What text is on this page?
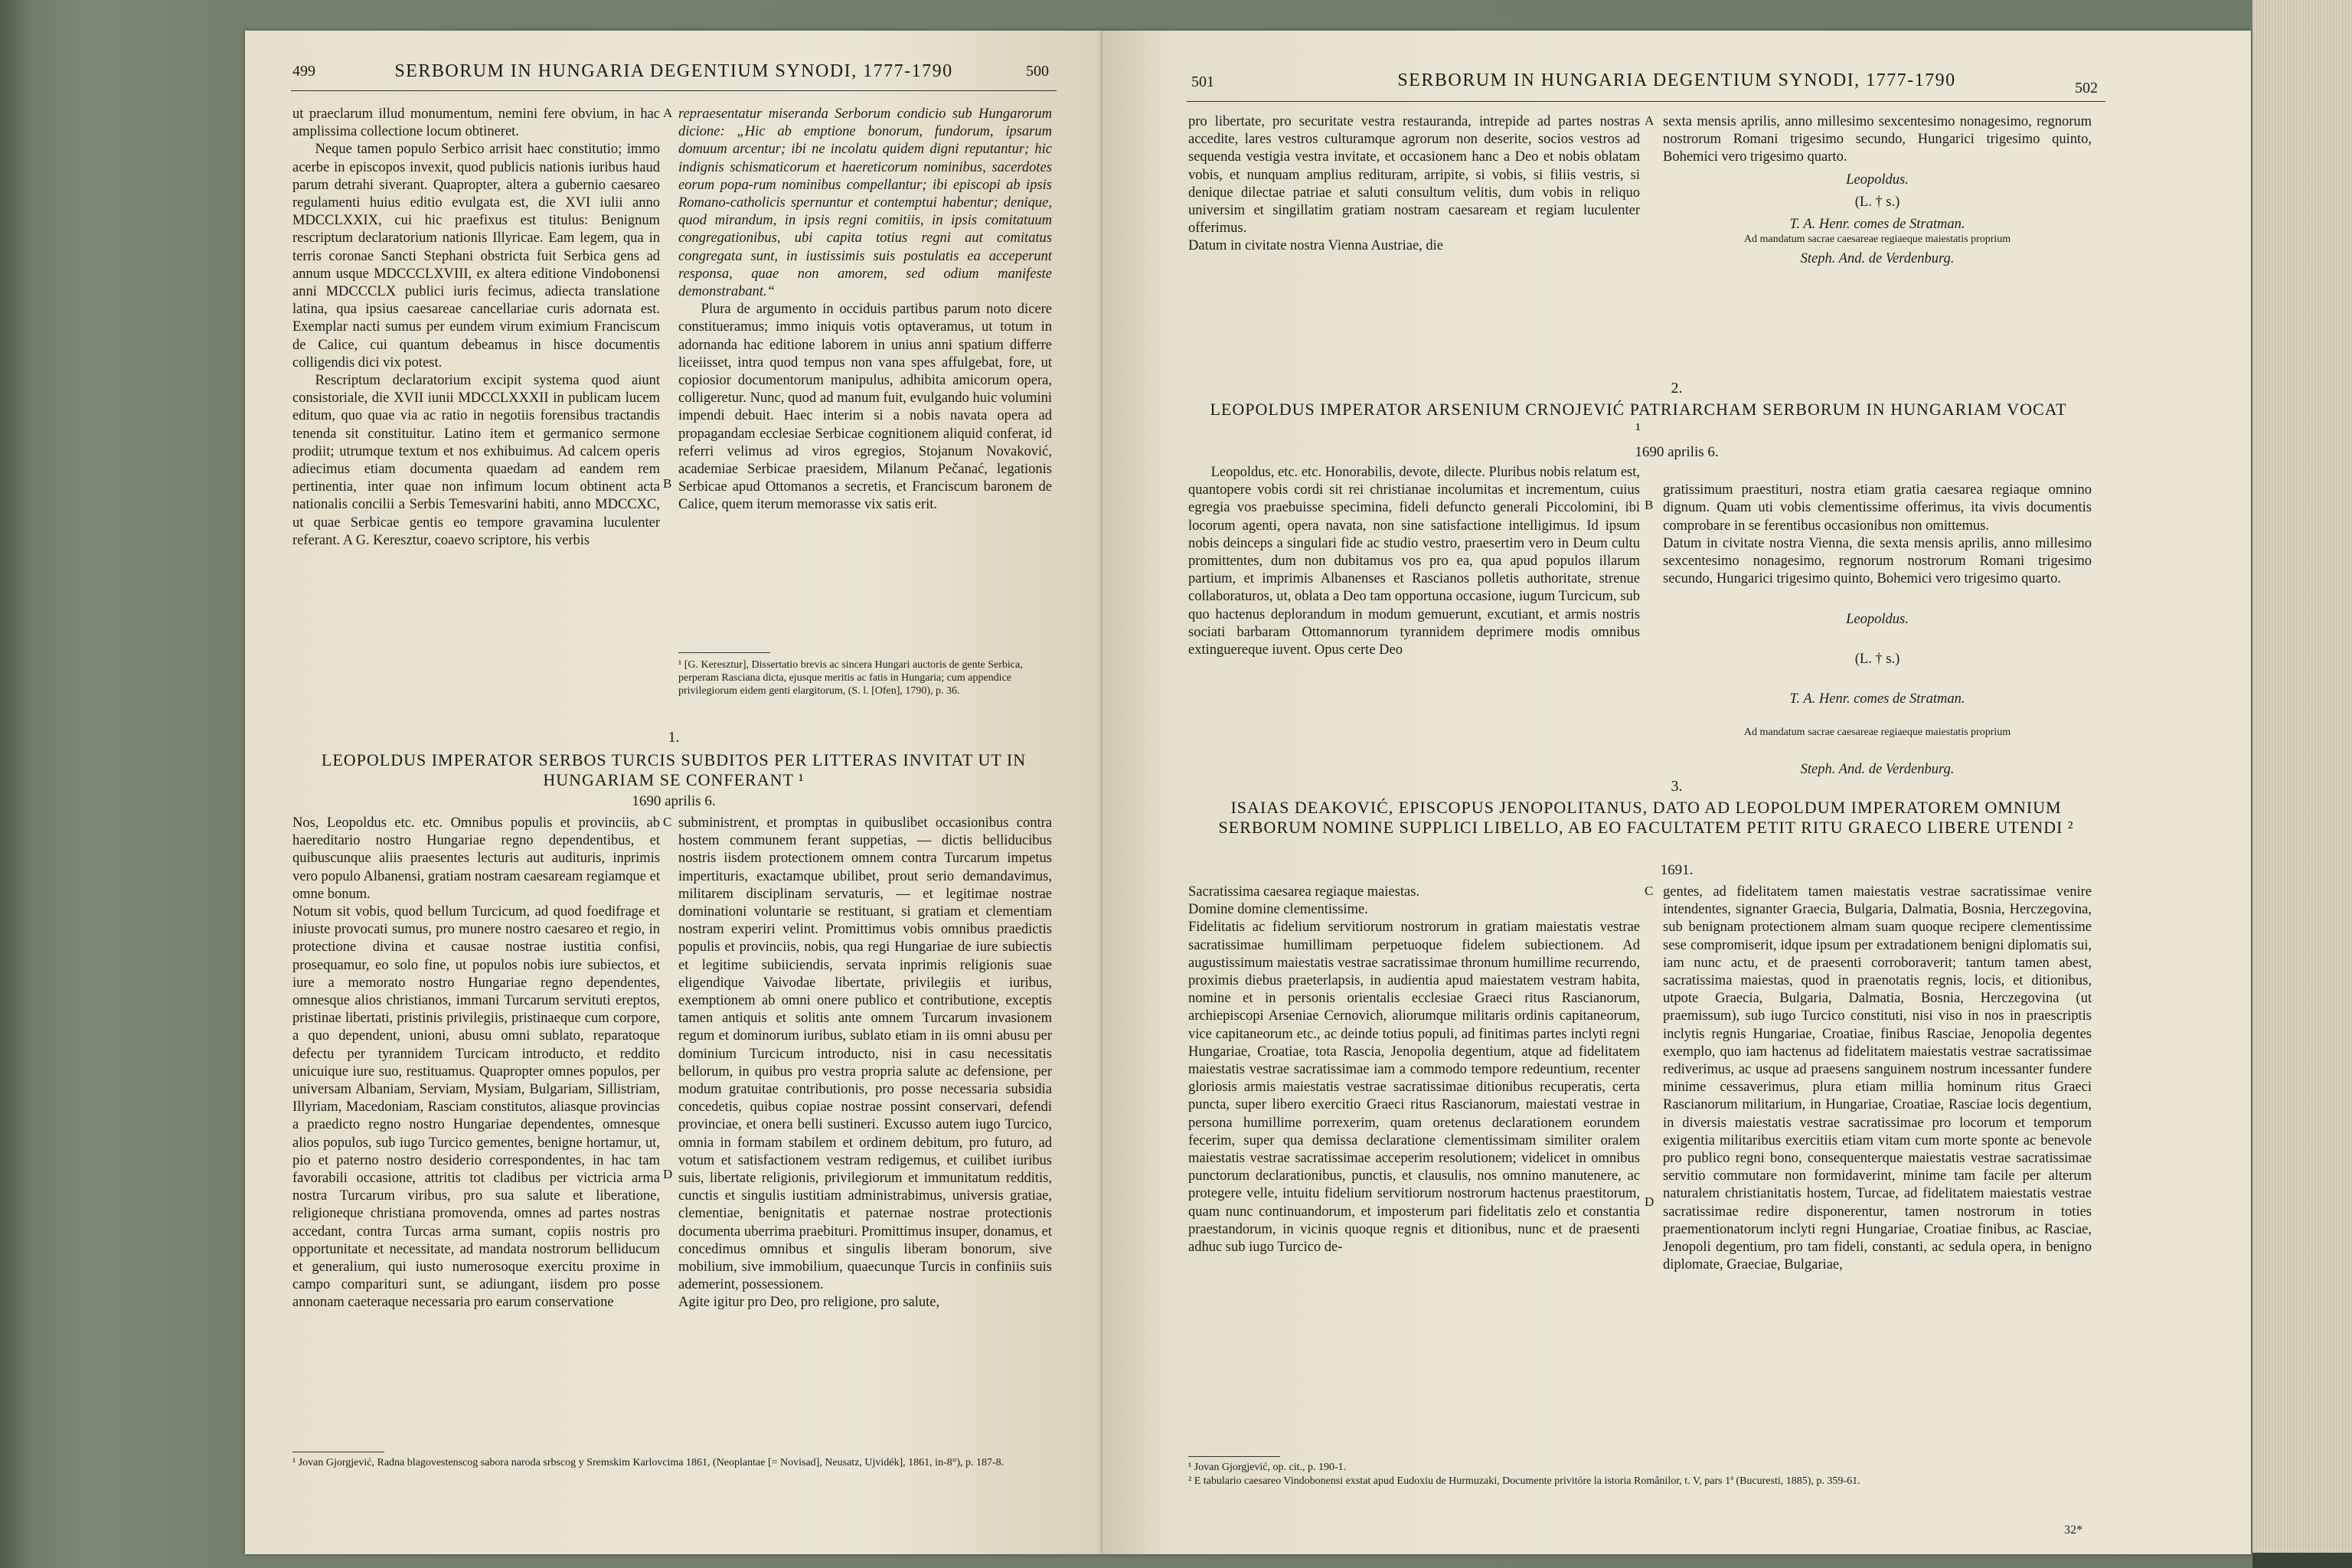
499	SERBORUM IN HUNGARIA DEGENTIUM SYNODI, 1777-1790	500

ut praeclarum illud monumentum, nemini fere obvium, in hac amplissima collectione locum obtineret.

Neque tamen populo Serbico arrisit haec constitutio; immo acerbe in episcopos invexit, quod publicis nationis iuribus haud parum detrahi siverant. Quapropter, altera a gubernio caesareo regulamenti huius editio evulgata est, die XVI iulii anno MDCCLXXIX, cui hic praefixus est titulus: Benignum rescriptum declaratorium nationis Illyricae. Eam legem, qua in terris coronae Sancti Stephani obstricta fuit Serbica gens ad annum usque MDCCCLXVIII, ex altera editione Vindobonensi anni MDCCCLX publici iuris fecimus, adiecta translatione latina, qua ipsius caesareae cancellariae curis adornata est. Exemplar nacti sumus per eundem virum eximium Franciscum de Calice, cui quantum debeamus in hisce documentis colligendis dici vix potest.

Rescriptum declaratorium excipit systema quod aiunt consistoriale, die XVII iunii MDCCLXXXII in publicam lucem editum, quo quae via ac ratio in negotiis forensibus tractandis tenenda sit constituitur. Latino item et germanico sermone prodiit; utrumque textum et nos exhibuimus. Ad calcem operis adiecimus etiam documenta quaedam ad eandem rem pertinentia, inter quae non infimum locum obtinent acta nationalis concilii a Serbis Temesvarini habiti, anno MDCCXC, ut quae Serbicae gentis eo tempore gravamina luculenter referant. A G. Keresztur, coaevo scriptore, his verbis

A
B

repraesentatur miseranda Serborum condicio sub Hungarorum dicione: „Hic ab emptione bonorum, fundorum, ipsarum domuum arcentur; ibi ne incolatu quidem digni reputantur; hic indignis schismaticorum et haereticorum nominibus, sacerdotes eorum popa-rum nominibus compellantur; ibi episcopi ab ipsis Romano-catholicis spernuntur et contemptui habentur; denique, quod mirandum, in ipsis regni comitiis, in ipsis comitatuum congregationibus, ubi capita totius regni aut comitatus congregata sunt, in iustissimis suis postulatis ea acceperunt responsa, quae non amorem, sed odium manifeste demonstrabant.“

Plura de argumento in occiduis partibus parum noto dicere constitueramus; immo iniquis votis optaveramus, ut totum in adornanda hac editione laborem in unius anni spatium differre liceiisset, intra quod tempus non vana spes affulgebat, fore, ut copiosior documentorum manipulus, adhibita amicorum opera, colligeretur. Nunc, quod ad manum fuit, evulgando huic volumini impendi debuit. Haec interim si a nobis navata opera ad propagandam ecclesiae Serbicae cognitionem aliquid conferat, id referri velimus ad viros egregios, Stojanum Novaković, academiae Serbicae praesidem, Milanum Pečanać, legationis Serbicae apud Ottomanos a secretis, et Franciscum baronem de Calice, quem iterum memorasse vix satis erit.

¹ [G. Keresztur], Dissertatio brevis ac sincera Hungari auctoris de gente Serbica, perperam Rasciana dicta, ejusque meritis ac fatis in Hungaria; cum appendice privilegiorum eidem genti elargitorum, (S. l. [Ofen], 1790), p. 36.
1.
LEOPOLDUS IMPERATOR SERBOS TURCIS SUBDITOS PER LITTERAS INVITAT UT IN HUNGARIAM SE CONFERANT ¹
1690 aprilis 6.
Nos, Leopoldus etc. etc. Omnibus populis et provinciis, ab haereditario nostro Hungariae regno dependentibus, et quibuscunque aliis praesentes lecturis aut audituris, inprimis vero populo Albanensi, gratiam nostram caesaream regiamque et omne bonum.
Notum sit vobis, quod bellum Turcicum, ad quod foedifrage et iniuste provocati sumus, pro munere nostro caesareo et regio, in protectione divina et causae nostrae iustitia confisi, prosequamur, eo solo fine, ut populos nobis iure subiectos, et iure a memorato nostro Hungariae regno dependentes, omnesque alios christianos, immani Turcarum servituti ereptos, pristinae libertati, pristinis privilegiis, pristinaeque cum corpore, a quo dependent, unioni, abusu omni sublato, reparatoque defectu per tyrannidem Turcicam introducto, et reddito unicuique iure suo, restituamus. Quapropter omnes populos, per universam Albaniam, Serviam, Mysiam, Bulgariam, Sillistriam, Illyriam, Macedoniam, Rasciam constitutos, aliasque provincias a praedicto regno nostro Hungariae dependentes, omnesque alios populos, sub iugo Turcico gementes, benigne hortamur, ut, pio et paterno nostro desiderio correspondentes, in hac tam favorabili occasione, attritis tot cladibus per victricia arma nostra Turcarum viribus, pro sua salute et liberatione, religioneque christiana promovenda, omnes ad partes nostras accedant, contra Turcas arma sumant, copiis nostris pro opportunitate et necessitate, ad mandata nostrorum belliducum et generalium, qui iusto numerosoque exercitu proxime in campo comparituri sunt, se adiungant, iisdem pro posse annonam caeteraque necessaria pro earum conservatione
C
D
subministrent, et promptas in quibuslibet occasionibus contra hostem communem ferant suppetias, — dictis belliducibus nostris iisdem protectionem omnem contra Turcarum impetus impertituris, exactamque ubilibet, prout serio demandavimus, militarem disciplinam servaturis, — et legitimae nostrae dominationi voluntarie se restituant, si gratiam et clementiam nostram experiri velint. Promittimus vobis omnibus praedictis populis et provinciis, nobis, qua regi Hungariae de iure subiectis et legitime subiiciendis, servata inprimis religionis suae eligendique Vaivodae libertate, privilegiis et iuribus, exemptionem ab omni onere publico et contributione, exceptis tamen antiquis et solitis ante omnem Turcarum invasionem regum et dominorum iuribus, sublato etiam in iis omni abusu per dominium Turcicum introducto, nisi in casu necessitatis bellorum, in quibus pro vestra propria salute ac defensione, per modum gratuitae contributionis, pro posse necessaria subsidia concedetis, quibus copiae nostrae possint conservari, defendi provinciae, et onera belli sustineri. Excusso autem iugo Turcico, omnia in formam stabilem et ordinem debitum, pro futuro, ad votum et satisfactionem vestram redigemus, et cuilibet iuribus suis, libertate religionis, privilegiorum et immunitatum redditis, cunctis et singulis iustitiam administrabimus, universis gratiae, clementiae, benignitatis et paternae nostrae protectionis documenta uberrima praebituri. Promittimus insuper, donamus, et concedimus omnibus et singulis liberam bonorum, sive mobilium, sive immobilium, quaecunque Turcis in confiniis suis ademerint, possessionem.
Agite igitur pro Deo, pro religione, pro salute,
¹ Jovan Gjorgjević, Radna blagovestenscog sabora naroda srbscog y Sremskim Karlovcima 1861, (Neoplantae [= Novisad], Neusatz, Ujvidék], 1861, in-8°), p. 187-8.
501	SERBORUM IN HUNGARIA DEGENTIUM SYNODI, 1777-1790	502
pro libertate, pro securitate vestra restauranda, intrepide ad partes nostras accedite, lares vestros culturamque agrorum non deserite, socios vestros ad sequenda vestigia vestra invitate, et occasionem hanc a Deo et nobis oblatam vobis, et nunquam amplius redituram, arripite, si vobis, si filiis vestris, si denique dilectae patriae et saluti consultum velitis, dum vobis in reliquo universim et singillatim gratiam nostram caesaream et regiam luculenter offerimus.
Datum in civitate nostra Vienna Austriae, die
A sexta mensis aprilis, anno millesimo sexcentesimo nonagesimo, regnorum nostrorum Romani trigesimo secundo, Hungarici trigesimo quinto, Bohemici vero trigesimo quarto.

Leopoldus.

(L. † s.)

T. A. Henr. comes de Stratman.

Ad mandatum sacrae caesareae regiaeque maiestatis proprium

Steph. And. de Verdenburg.

2.
LEOPOLDUS IMPERATOR ARSENIUM CRNOJEVIĆ PATRIARCHAM SERBORUM IN HUNGARIAM VOCAT ¹
1690 aprilis 6.

Leopoldus, etc. etc. Honorabilis, devote, dilecte. Pluribus nobis relatum est, quantopere vobis cordi sit rei christianae incolumitas et incrementum, cuius egregia vos praebuisse specimina, fideli defuncto generali Piccolomini, ibi locorum agenti, opera navata, non sine satisfactione intelligimus. Id ipsum nobis deinceps a singulari fide ac studio vestro, praesertim vero in Deum cultu promittentes, dum non dubitamus vos pro ea, qua apud populos illarum partium, et imprimis Albanenses et Rascianos polletis authoritate, strenue collaboraturos, ut, oblata a Deo tam opportuna occasione, iugum Turcicum, sub quo hactenus deplorandum in modum gemuerunt, excutiant, et armis nostris sociati barbaram Ottomannorum tyrannidem deprimere modis omnibus extinguereque iuvent. Opus certe Deo

B

gratissimum praestituri, nostra etiam gratia caesarea regiaque omnino dignum. Quam uti vobis clementissime offerimus, ita vivis documentis comprobare in se ferentibus occasionibus non omittemus.
Datum in civitate nostra Vienna, die sexta mensis aprilis, anno millesimo sexcentesimo nonagesimo, regnorum nostrorum Romani trigesimo secundo, Hungarici trigesimo quinto, Bohemici vero trigesimo quarto.

Leopoldus.

(L. † s.)

T. A. Henr. comes de Stratman.

Ad mandatum sacrae caesareae regiaeque maiestatis proprium

Steph. And. de Verdenburg.

3.
ISAIAS DEAKOVIĆ, EPISCOPUS JENOPOLITANUS, DATO AD LEOPOLDUM IMPERATOREM OMNIUM SERBORUM NOMINE SUPPLICI LIBELLO, AB EO FACULTATEM PETIT RITU GRAECO LIBERE UTENDI ²
1691.
Sacratissima caesarea regiaque maiestas.
Domine domine clementissime.
Fidelitatis ac fidelium servitiorum nostrorum in gratiam maiestatis vestrae sacratissimae humillimam perpetuoque fidelem subiectionem. Ad augustissimum maiestatis vestrae sacratissimae thronum humillime recurrendo, proximis diebus praeterlapsis, in audientia apud maiestatem vestram habita, nomine et in personis orientalis ecclesiae Graeci ritus Rascianorum, archiepiscopi Arseniae Cernovich, aliorumque militaris ordinis capitaneorum, vice capitaneorum etc., ac deinde totius populi, ad finitimas partes inclyti regni Hungariae, Croatiae, tota Rascia, Jenopolia degentium, atque ad fidelitatem maiestatis vestrae sacratissimae iam a commodo tempore redeuntium, recenter gloriosis armis maiestatis vestrae sacratissimae ditionibus recuperatis, certa puncta, super libero exercitio Graeci ritus Rascianorum, maiestati vestrae in persona humillime porrexerim, quam oretenus declarationem eorundem fecerim, super qua demissa declaratione clementissimam similiter oralem maiestatis vestrae sacratissimae acceperim resolutionem; videlicet in omnibus punctorum declarationibus, punctis, et clausulis, nos omnino manutenere, ac protegere velle, intuitu fidelium servitiorum nostrorum hactenus praestitorum, quam nunc continuandorum, et imposterum pari fidelitatis zelo et constantia praestandorum, in vicinis quoque regnis et ditionibus, nunc et de praesenti adhuc sub iugo Turcico de-
C
D
gentes, ad fidelitatem tamen maiestatis vestrae sacratissimae venire intendentes, signanter Graecia, Bulgaria, Dalmatia, Bosnia, Herczegovina, sub benignam protectionem almam suam quoque recipere clementissime sese compromiserit, idque ipsum per extradationem benigni diplomatis sui, iam nunc actu, et de praesenti corroboraverit; tantum tamen abest, sacratissima maiestas, quod in praenotatis regnis, locis, et ditionibus, utpote Graecia, Bulgaria, Dalmatia, Bosnia, Herczegovina (ut praemissum), sub iugo Turcico constituti, nisi viso in nos in praescriptis inclytis regnis Hungariae, Croatiae, finibus Rasciae, Jenopolia degentes exemplo, quo iam hactenus ad fidelitatem maiestatis vestrae sacratissimae rediverimus, ac usque ad praesens sanguinem nostrum incessanter fundere minime cessaverimus, plura etiam millia hominum ritus Graeci Rascianorum militarium, in Hungariae, Croatiae, Rasciae locis degentium, in diversis maiestatis vestrae sacratissimae pro locorum et temporum exigentia militaribus exercitiis etiam vitam cum morte sponte ac benevole pro publico regni bono, consequenterque maiestatis vestrae sacratissimae servitio commutare non formidaverint, minime tam facile per alterum naturalem christianitatis hostem, Turcae, ad fidelitatem maiestatis vestrae sacratissimae redire disponerentur, tamen nostrorum in toties praementionatorum inclyti regni Hungariae, Croatiae finibus, ac Rasciae, Jenopoli degentium, pro tam fideli, constanti, ac sedula opera, in benigno diplomate, Graeciae, Bulgariae,
¹ Jovan Gjorgjević, op. cit., p. 190-1.
² E tabulario caesareo Vindobonensi exstat apud Eudoxiu de Hurmuzaki, Documente privitóre la istoria Românilor, t. V, pars 1ª (Bucuresti, 1885), p. 359-61.
32*
